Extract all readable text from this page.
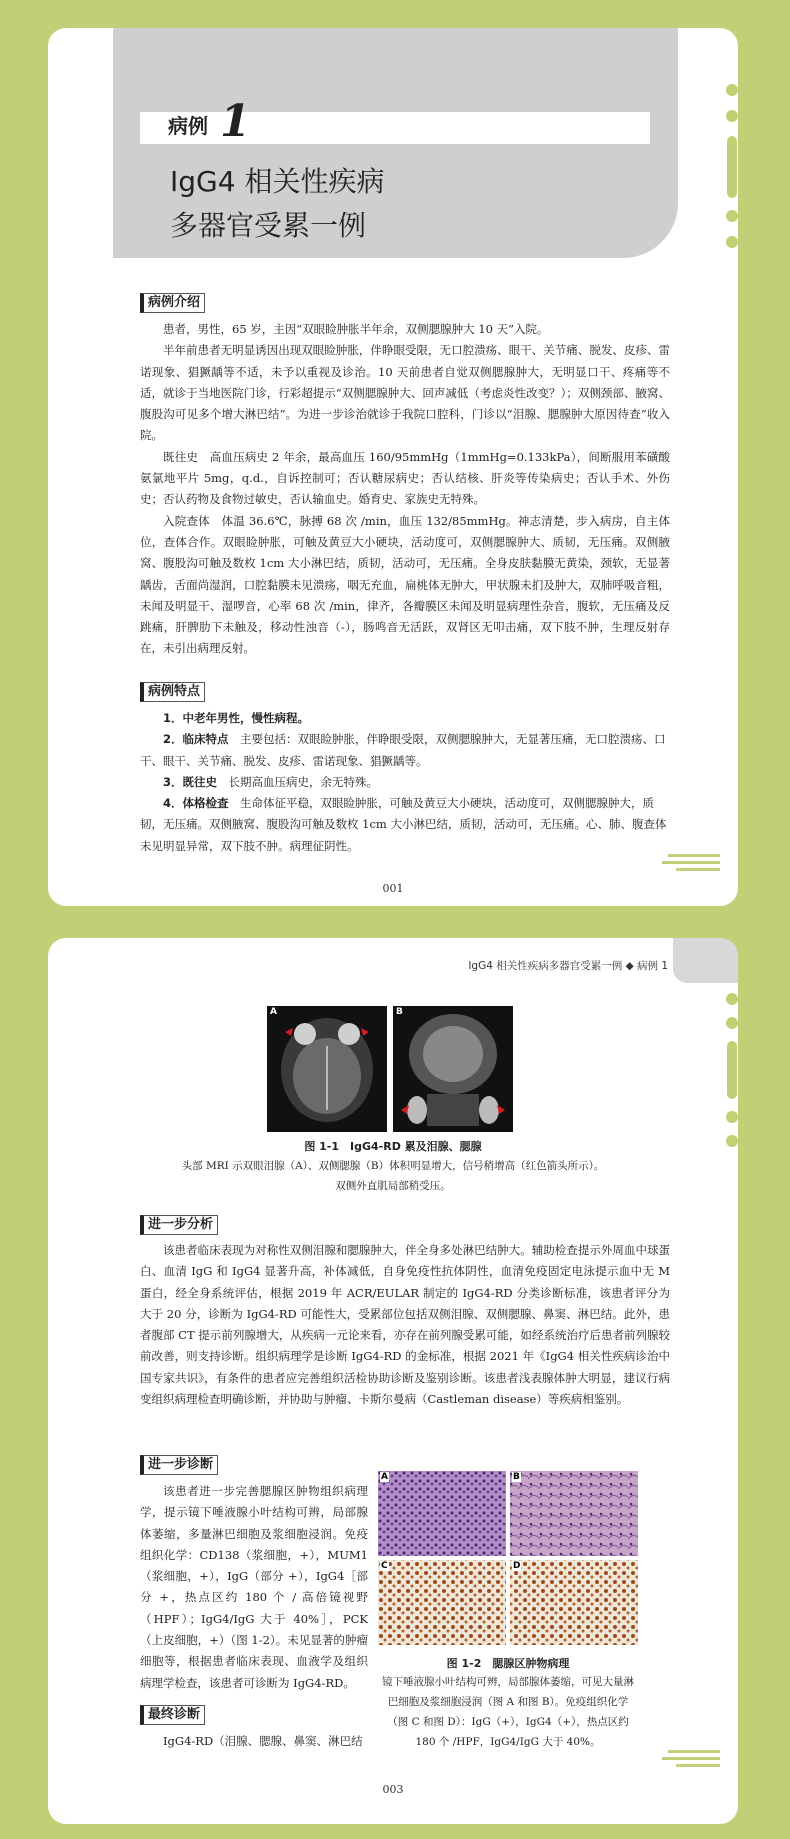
病例 1
IgG4 相关性疾病
多器官受累一例
病例介绍

患者，男性，65 岁，主因“双眼睑肿胀半年余，双侧腮腺肿大 10 天”入院。

半年前患者无明显诱因出现双眼睑肿胀，伴睁眼受限，无口腔溃疡、眼干、关节痛、脱发、皮疹、雷诺现象、猖獗龋等不适，未予以重视及诊治。10 天前患者自觉双侧腮腺肿大，无明显口干、疼痛等不适，就诊于当地医院门诊，行彩超提示“双侧腮腺肿大、回声减低（考虑炎性改变？）；双侧颈部、腋窝、腹股沟可见多个增大淋巴结”。为进一步诊治就诊于我院口腔科，门诊以“泪腺、腮腺肿大原因待查”收入院。

既往史　高血压病史 2 年余，最高血压 160/95mmHg（1mmHg=0.133kPa），间断服用苯磺酸氨氯地平片 5mg，q.d.，自诉控制可；否认糖尿病史；否认结核、肝炎等传染病史；否认手术、外伤史；否认药物及食物过敏史，否认输血史。婚育史、家族史无特殊。

入院查体　体温 36.6℃，脉搏 68 次 /min，血压 132/85mmHg。神志清楚，步入病房，自主体位，查体合作。双眼睑肿胀，可触及黄豆大小硬块，活动度可，双侧腮腺肿大、质韧，无压痛。双侧腋窝、腹股沟可触及数枚 1cm 大小淋巴结，质韧，活动可，无压痛。全身皮肤黏膜无黄染，颈软，无显著龋齿，舌面尚湿润，口腔黏膜未见溃疡，咽无充血，扁桃体无肿大，甲状腺未扪及肿大，双肺呼吸音粗，未闻及明显干、湿啰音，心率 68 次 /min，律齐，各瓣膜区未闻及明显病理性杂音，腹软，无压痛及反跳痛，肝脾肋下未触及，移动性浊音（-），肠鸣音无活跃，双肾区无叩击痛，双下肢不肿，生理反射存在，未引出病理反射。

病例特点

1．中老年男性，慢性病程。

2．临床特点　主要包括：双眼睑肿胀，伴睁眼受限，双侧腮腺肿大，无显著压痛，无口腔溃疡、口干、眼干、关节痛、脱发、皮疹、雷诺现象、猖獗龋等。

3．既往史　长期高血压病史，余无特殊。

4．体格检查　生命体征平稳，双眼睑肿胀，可触及黄豆大小硬块，活动度可，双侧腮腺肿大，质韧，无压痛。双侧腋窝、腹股沟可触及数枚 1cm 大小淋巴结，质韧，活动可，无压痛。心、肺、腹查体未见明显异常，双下肢不肿。病理征阴性。

001
IgG4 相关性疾病多器官受累一例 ◆ 病例 1
A	B
图 1-1　IgG4-RD 累及泪腺、腮腺
头部 MRI 示双眼泪腺（A）、双侧腮腺（B）体积明显增大，信号稍增高（红色箭头所示）。
双侧外直肌局部稍受压。
进一步分析

该患者临床表现为对称性双侧泪腺和腮腺肿大，伴全身多处淋巴结肿大。辅助检查提示外周血中球蛋白、血清 IgG 和 IgG4 显著升高，补体减低，自身免疫性抗体阴性，血清免疫固定电泳提示血中无 M 蛋白，经全身系统评估，根据 2019 年 ACR/EULAR 制定的 IgG4-RD 分类诊断标准，该患者评分为大于 20 分，诊断为 IgG4-RD 可能性大，受累部位包括双侧泪腺、双侧腮腺、鼻窦、淋巴结。此外，患者腹部 CT 提示前列腺增大，从疾病一元论来看，亦存在前列腺受累可能，如经系统治疗后患者前列腺较前改善，则支持诊断。组织病理学是诊断 IgG4-RD 的金标准，根据 2021 年《IgG4 相关性疾病诊治中国专家共识》，有条件的患者应完善组织活检协助诊断及鉴别诊断。该患者浅表腺体肿大明显，建议行病变组织病理检查明确诊断，并协助与肿瘤、卡斯尔曼病（Castleman disease）等疾病相鉴别。

进一步诊断

该患者进一步完善腮腺区肿物组织病理学，提示镜下唾液腺小叶结构可辨，局部腺体萎缩，多量淋巴细胞及浆细胞浸润。免疫组织化学：CD138（浆细胞，+），MUM1（浆细胞，+），IgG（部分 +），IgG4［部分 +，热点区约 180 个 / 高倍镜视野（HPF）；IgG4/IgG 大于 40%］，PCK（上皮细胞，+）（图 1-2）。未见显著的肿瘤细胞等，根据患者临床表现、血液学及组织病理学检查，该患者可诊断为 IgG4-RD。

最终诊断

IgG4-RD（泪腺、腮腺、鼻窦、淋巴结

A	B
C	D
图 1-2　腮腺区肿物病理
镜下唾液腺小叶结构可辨，局部腺体萎缩，可见大量淋巴细胞及浆细胞浸润（图 A 和图 B）。免疫组织化学（图 C 和图 D）：IgG（+），IgG4（+），热点区约 180 个 /HPF，IgG4/IgG 大于 40%。
003
